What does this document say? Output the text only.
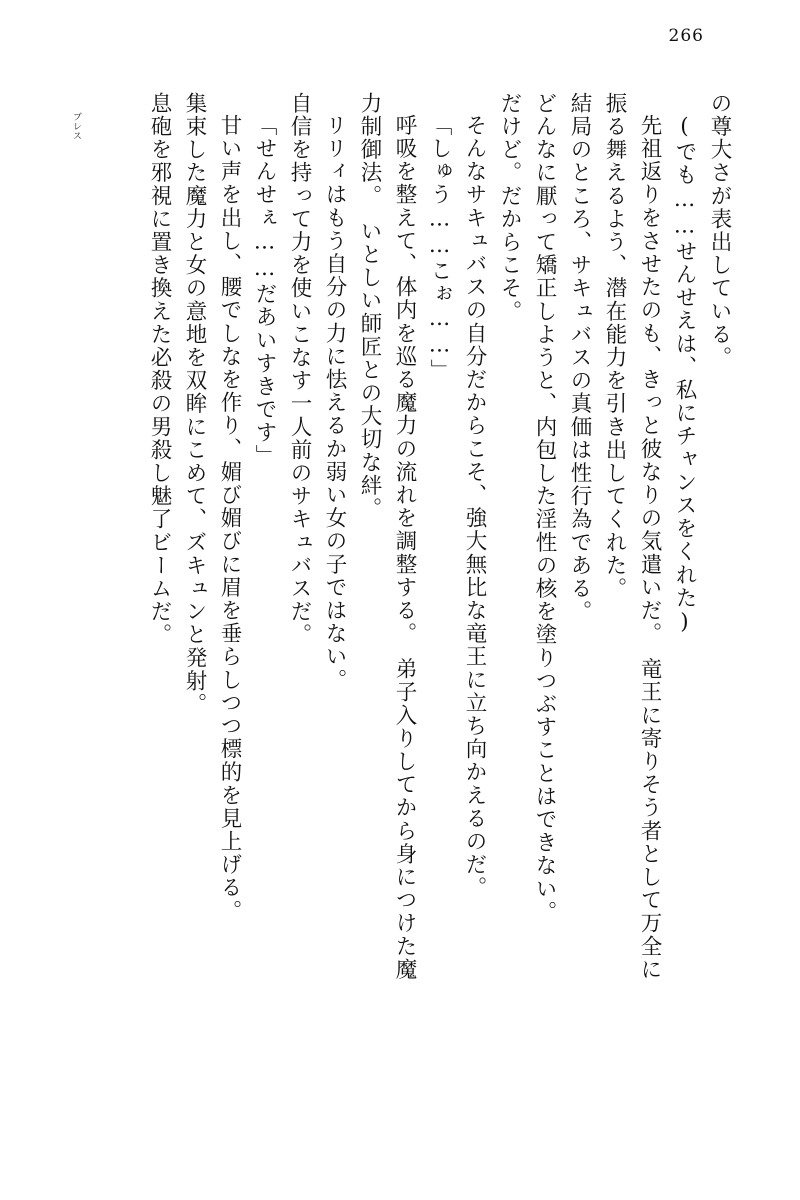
266
の尊大さが表出している。
(でも……せんせえは、私にチャンスをくれた)
先祖返りをさせたのも、きっと彼なりの気遣いだ。　竜王に寄りそう者として万全に
振る舞えるよう、潜在能力を引き出してくれた。
結局のところ、サキュバスの真価は性行為である。
どんなに厭って矯正しようと、内包した淫性の核を塗りつぶすことはできない。
だけど。だからこそ。
そんなサキュバスの自分だからこそ、強大無比な竜王に立ち向かえるのだ。
「しゅう……こぉ……」
呼吸を整えて、体内を巡る魔力の流れを調整する。　弟子入りしてから身につけた魔
力制御法。　いとしい師匠との大切な絆。
リリィはもう自分の力に怯えるか弱い女の子ではない。
自信を持って力を使いこなす一人前のサキュバスだ。
「せんせぇ……だあいすきです」
甘い声を出し、腰でしなを作り、媚び媚びに眉を垂らしつつ標的を見上げる。
集束した魔力と女の意地を双眸にこめて、ズキュンと発射。
息砲を邪視に置き換えた必殺の男殺し魅了ビームだ。
ブレス
